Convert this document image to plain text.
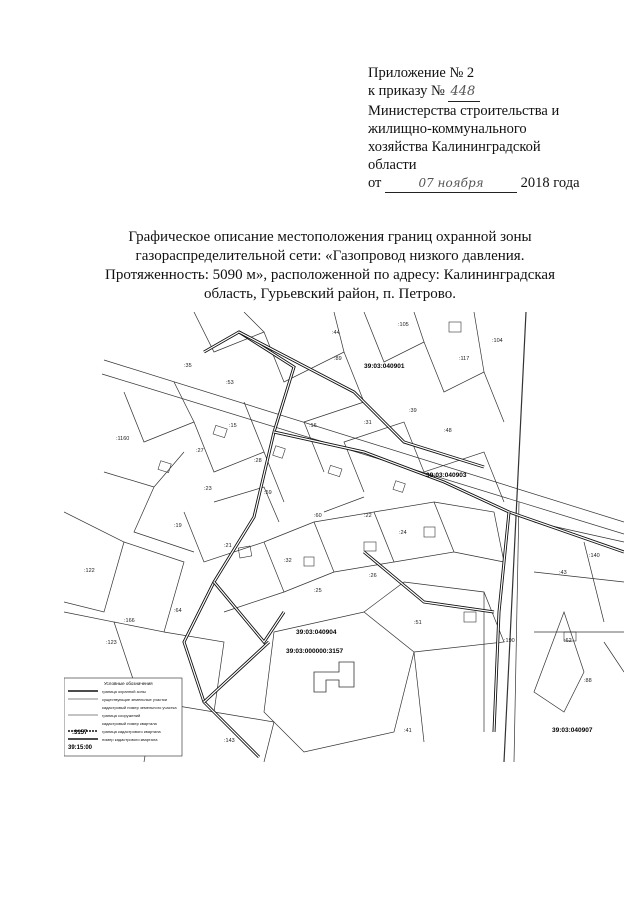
Приложение № 2
к приказу № 448
Министерства строительства и
жилищно-коммунального
хозяйства Калининградской
области
от	07 ноября	2018 года
Графическое описание местоположения границ охранной зоны
газораспределительной сети: «Газопровод низкого давления.
Протяженность: 5090 м», расположенной по адресу: Калининградская
область, Гурьевский район, п. Петрово.
39:03:040901
39:03:040903
39:03:040904
39:03:000000:3157
39:03:040907
:44
:105
:104
:89	:117
:35
:53
:15	:16
:1160
:27
:28
:31
:39
:48
:23
:59
:60	:22
:24
:19
:21
:32
:25
:43
:26
:122
:166
:143
:123
:140
:51
:62
:88
:41
:64
:190
Условные обозначения
граница охранной зоны
существующие земельные участки
кадастровый номер земельного участка
граница сооружений
кадастровый номер квартала
граница кадастрового квартала
номер кадастрового квартала
:3157
39:15:00
